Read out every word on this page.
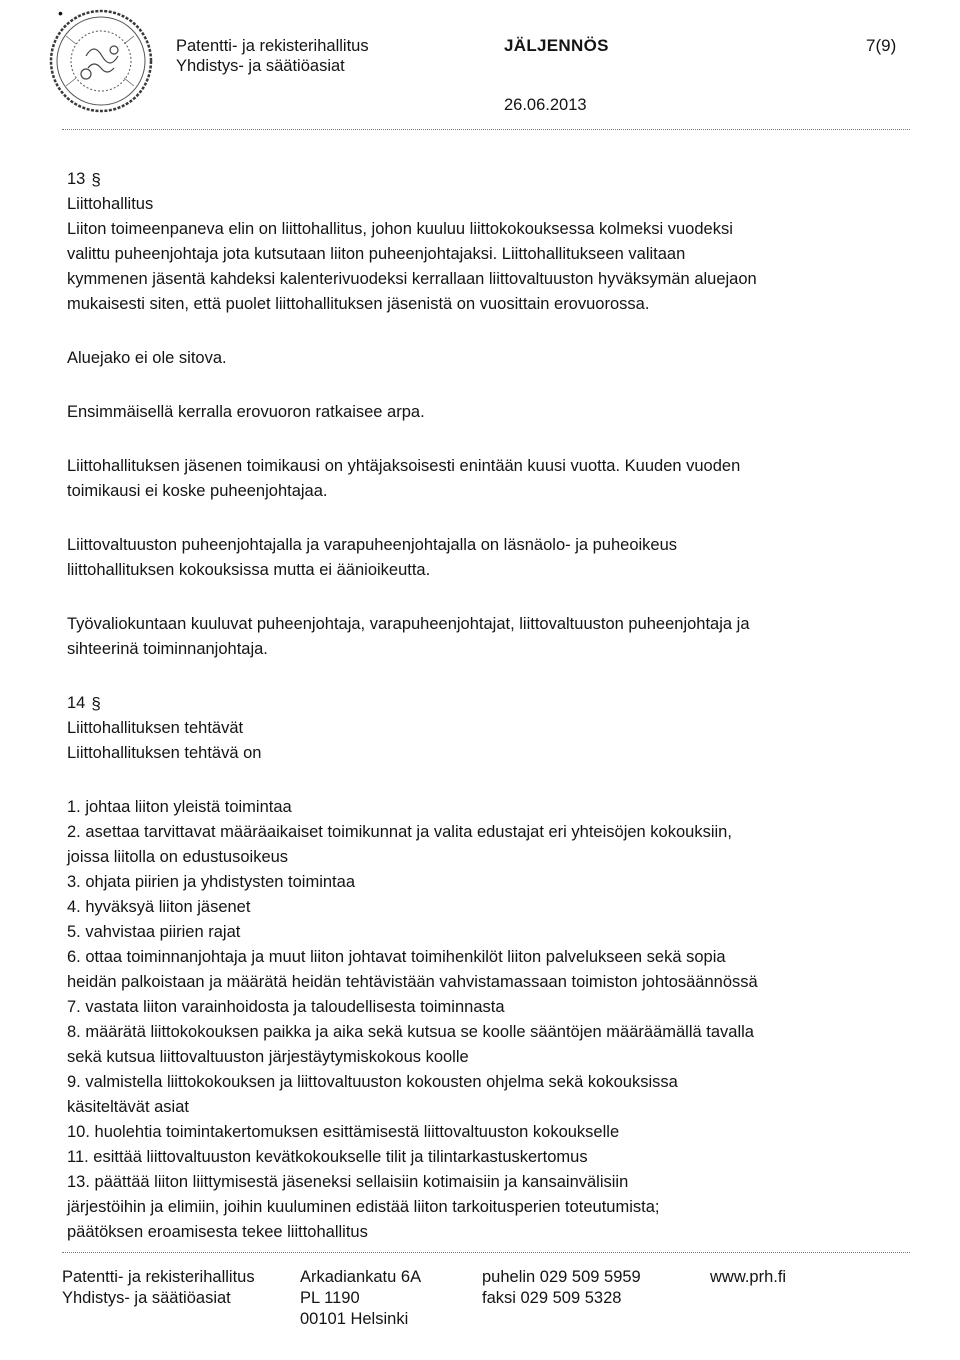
•
Patentti- ja rekisterihallitus
Yhdistys- ja säätiöasiat
JÄLJENNÖS	7(9)
26.06.2013
13 §

Liittohallitus

Liiton toimeenpaneva elin on liittohallitus, johon kuuluu liittokokouksessa kolmeksi vuodeksi

valittu puheenjohtaja jota kutsutaan liiton puheenjohtajaksi. Liittohallitukseen valitaan

kymmenen jäsentä kahdeksi kalenterivuodeksi kerrallaan liittovaltuuston hyväksymän aluejaon

mukaisesti siten, että puolet liittohallituksen jäsenistä on vuosittain erovuorossa.

Aluejako ei ole sitova.

Ensimmäisellä kerralla erovuoron ratkaisee arpa.

Liittohallituksen jäsenen toimikausi on yhtäjaksoisesti enintään kuusi vuotta. Kuuden vuoden

toimikausi ei koske puheenjohtajaa.

Liittovaltuuston puheenjohtajalla ja varapuheenjohtajalla on läsnäolo- ja puheoikeus

liittohallituksen kokouksissa mutta ei äänioikeutta.

Työvaliokuntaan kuuluvat puheenjohtaja, varapuheenjohtajat, liittovaltuuston puheenjohtaja ja

sihteerinä toiminnanjohtaja.

14 §

Liittohallituksen tehtävät

Liittohallituksen tehtävä on

1. johtaa liiton yleistä toimintaa

2. asettaa tarvittavat määräaikaiset toimikunnat ja valita edustajat eri yhteisöjen kokouksiin,

joissa liitolla on edustusoikeus

3. ohjata piirien ja yhdistysten toimintaa

4. hyväksyä liiton jäsenet

5. vahvistaa piirien rajat

6. ottaa toiminnanjohtaja ja muut liiton johtavat toimihenkilöt liiton palvelukseen sekä sopia

heidän palkoistaan ja määrätä heidän tehtävistään vahvistamassaan toimiston johtosäännössä

7. vastata liiton varainhoidosta ja taloudellisesta toiminnasta

8. määrätä liittokokouksen paikka ja aika sekä kutsua se koolle sääntöjen määräämällä tavalla

sekä kutsua liittovaltuuston järjestäytymiskokous koolle

9. valmistella liittokokouksen ja liittovaltuuston kokousten ohjelma sekä kokouksissa

käsiteltävät asiat

10. huolehtia toimintakertomuksen esittämisestä liittovaltuuston kokoukselle

11. esittää liittovaltuuston kevätkokoukselle tilit ja tilintarkastuskertomus

13. päättää liiton liittymisestä jäseneksi sellaisiin kotimaisiin ja kansainvälisiin

järjestöihin ja elimiin, joihin kuuluminen edistää liiton tarkoitusperien toteutumista;

päätöksen eroamisesta tekee liittohallitus

Patentti- ja rekisterihallitus
Yhdistys- ja säätiöasiat
Arkadiankatu 6A
PL 1190
00101 Helsinki
puhelin 029 509 5959
faksi 029 509 5328
www.prh.fi
